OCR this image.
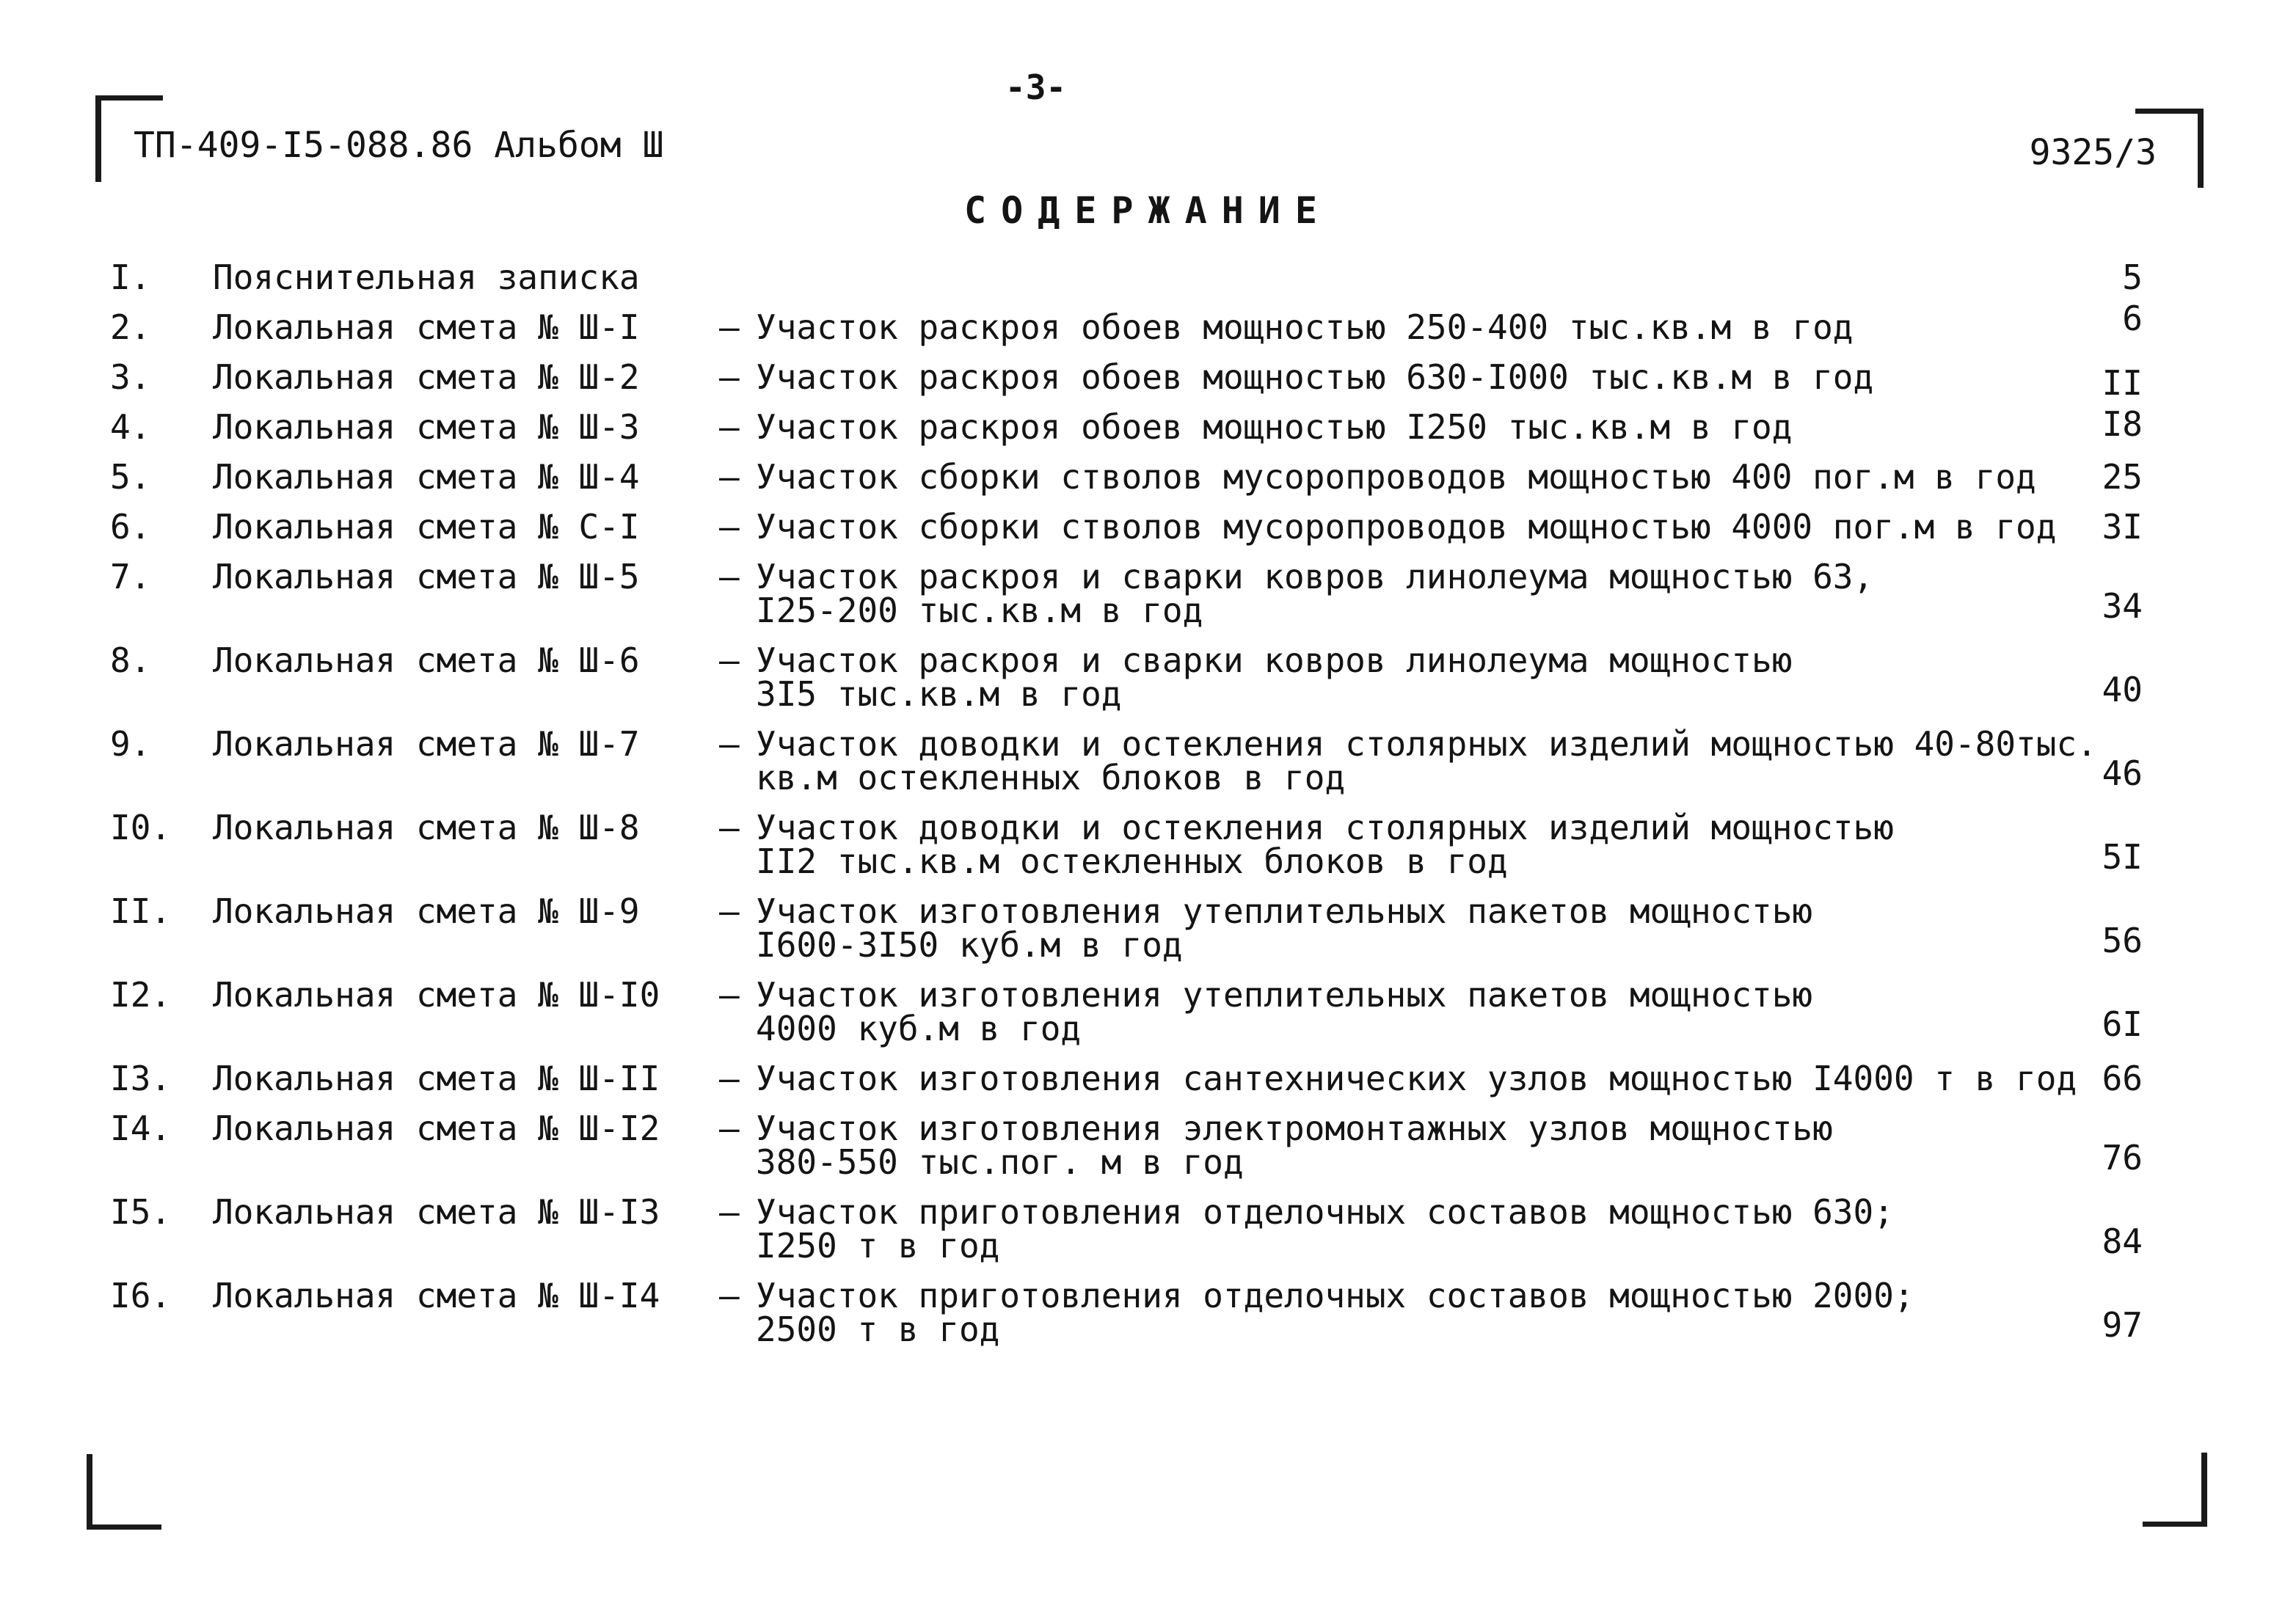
-3-
ТП-409-I5-088.86 Альбом Ш	9325/3
СОДЕРЖАНИЕ
I. Пояснительная записка	5
2. Локальная смета № Ш-I – Участок раскроя обоев мощностью 250-400 тыс.кв.м в год	6
3. Локальная смета № Ш-2 – Участок раскроя обоев мощностью 630-I000 тыс.кв.м в год	II
4. Локальная смета № Ш-3 – Участок раскроя обоев мощностью I250 тыс.кв.м в год	I8
5. Локальная смета № Ш-4 – Участок сборки стволов мусоропроводов мощностью 400 пог.м в год	25
6. Локальная смета № С-I – Участок сборки стволов мусоропроводов мощностью 4000 пог.м в год	3I
7. Локальная смета № Ш-5 – Участок раскроя и сварки ковров линолеума мощностью 63,
I25-200 тыс.кв.м в год	34
8. Локальная смета № Ш-6 – Участок раскроя и сварки ковров линолеума мощностью
3I5 тыс.кв.м в год	40
9. Локальная смета № Ш-7 – Участок доводки и остекления столярных изделий мощностью 40-80тыс.
кв.м остекленных блоков в год	46
I0. Локальная смета № Ш-8 – Участок доводки и остекления столярных изделий мощностью
II2 тыс.кв.м остекленных блоков в год	5I
II. Локальная смета № Ш-9 – Участок изготовления утеплительных пакетов мощностью
I600-3I50 куб.м в год	56
I2. Локальная смета № Ш-I0 – Участок изготовления утеплительных пакетов мощностью
4000 куб.м в год	6I
I3. Локальная смета № Ш-II – Участок изготовления сантехнических узлов мощностью I4000 т в год 66
I4. Локальная смета № Ш-I2 – Участок изготовления электромонтажных узлов мощностью
380-550 тыс.пог. м в год	76
I5. Локальная смета № Ш-I3 – Участок приготовления отделочных составов мощностью 630;
I250 т в год	84
I6. Локальная смета № Ш-I4 – Участок приготовления отделочных составов мощностью 2000;
2500 т в год	97
